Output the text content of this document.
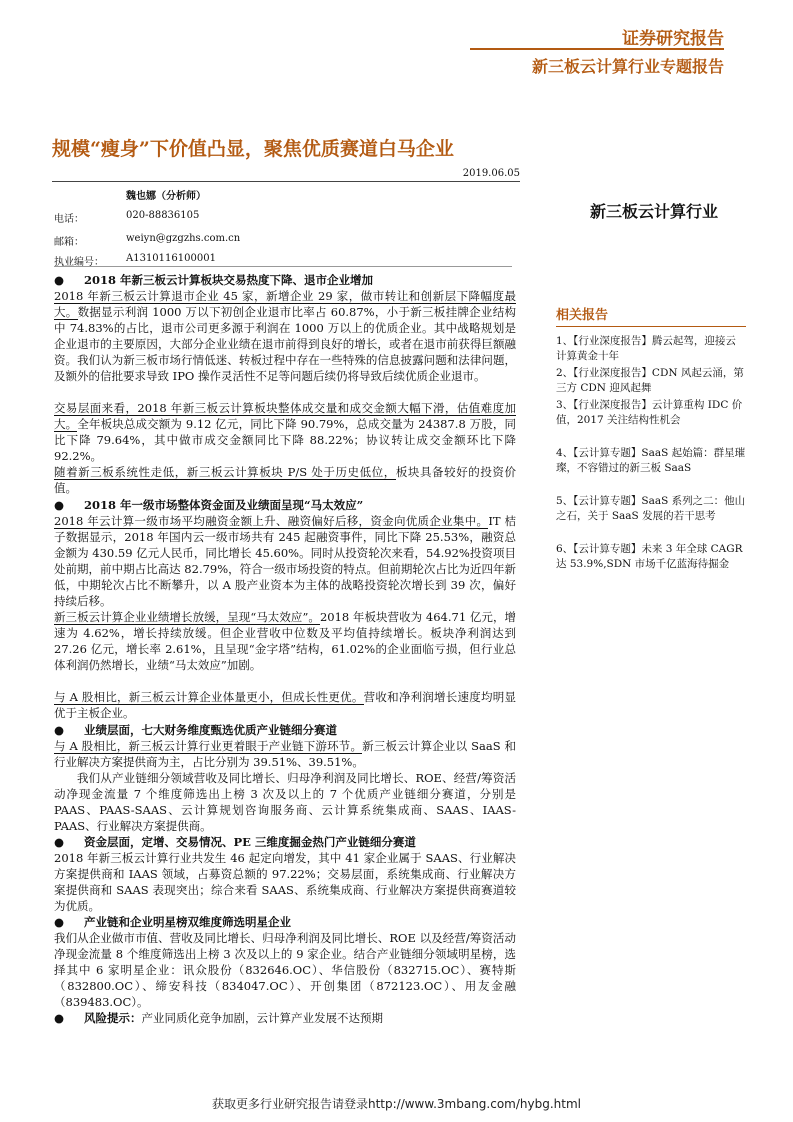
证券研究报告
新三板云计算行业专题报告
规模“瘦身”下价值凸显，聚焦优质赛道白马企业
2019.06.05
新三板云计算行业
魏也娜（分析师）
电话：	020-88836105
邮箱：	weiyn@gzgzhs.com.cn
执业编号： A1310116100001
● 2018 年新三板云计算板块交易热度下降、退市企业增加
2018 年新三板云计算退市企业 45 家，新增企业 29 家，做市转让和创新层下降幅度最大。数据显示利润 1000 万以下初创企业退市比率占 60.87%，小于新三板挂牌企业结构中 74.83%的占比，退市公司更多源于利润在 1000 万以上的优质企业。其中战略规划是企业退市的主要原因，大部分企业业绩在退市前得到良好的增长，或者在退市前获得巨额融资。我们认为新三板市场行情低迷、转板过程中存在一些特殊的信息披露问题和法律问题，及额外的信批要求导致 IPO 操作灵活性不足等问题后续仍将导致后续优质企业退市。
交易层面来看，2018 年新三板云计算板块整体成交量和成交金额大幅下滑，估值难度加大。全年板块总成交额为 9.12 亿元，同比下降 90.79%，总成交量为 24387.8 万股，同比下降 79.64%，其中做市成交金额同比下降 88.22%；协议转让成交金额环比下降 92.2%。
随着新三板系统性走低，新三板云计算板块 P/S 处于历史低位，板块具备较好的投资价值。
● 2018 年一级市场整体资金面及业绩面呈现“马太效应”
2018 年云计算一级市场平均融资金额上升、融资偏好后移，资金向优质企业集中。IT 桔子数据显示，2018 年国内云一级市场共有 245 起融资事件，同比下降 25.53%，融资总金额为 430.59 亿元人民币，同比增长 45.60%。同时从投资轮次来看，54.92%投资项目处前期，前中期占比高达 82.79%，符合一级市场投资的特点。但前期轮次占比为近四年新低，中期轮次占比不断攀升，以 A 股产业资本为主体的战略投资轮次增长到 39 次，偏好持续后移。
新三板云计算企业业绩增长放缓，呈现“马太效应”。2018 年板块营收为 464.71 亿元，增速为 4.62%，增长持续放缓。但企业营收中位数及平均值持续增长。板块净利润达到 27.26 亿元，增长率 2.61%，且呈现“金字塔”结构，61.02%的企业面临亏损，但行业总体利润仍然增长，业绩“马太效应”加剧。
与 A 股相比，新三板云计算企业体量更小，但成长性更优。营收和净利润增长速度均明显优于主板企业。
● 业绩层面，七大财务维度甄选优质产业链细分赛道
与 A 股相比，新三板云计算行业更着眼于产业链下游环节。新三板云计算企业以 SaaS 和行业解决方案提供商为主，占比分别为 39.51%、39.51%。
我们从产业链细分领域营收及同比增长、归母净利润及同比增长、ROE、经营/筹资活动净现金流量 7 个维度筛选出上榜 3 次及以上的 7 个优质产业链细分赛道，分别是 PAAS、PAAS-SAAS、云计算规划咨询服务商、云计算系统集成商、SAAS、IAAS-PAAS、行业解决方案提供商。
● 资金层面，定增、交易情况、PE 三维度掘金热门产业链细分赛道
2018 年新三板云计算行业共发生 46 起定向增发，其中 41 家企业属于 SAAS、行业解决方案提供商和 IAAS 领域，占募资总额的 97.22%；交易层面，系统集成商、行业解决方案提供商和 SAAS 表现突出；综合来看 SAAS、系统集成商、行业解决方案提供商赛道较为优质。
● 产业链和企业明星榜双维度筛选明星企业
我们从企业做市市值、营收及同比增长、归母净利润及同比增长、ROE 以及经营/筹资活动净现金流量 8 个维度筛选出上榜 3 次及以上的 9 家企业。结合产业链细分领域明星榜，选择其中 6 家明星企业：讯众股份（832646.OC）、华信股份（832715.OC）、赛特斯（832800.OC）、缔安科技（834047.OC）、开创集团（872123.OC）、用友金融（839483.OC）。
● 风险提示：产业同质化竞争加剧，云计算产业发展不达预期
相关报告
1、【行业深度报告】腾云起驾，迎接云计算黄金十年
2、【行业深度报告】CDN 风起云涌，第三方 CDN 迎风起舞
3、【行业深度报告】云计算重构 IDC 价值，2017 关注结构性机会
4、【云计算专题】SaaS 起始篇：群星璀璨，不容错过的新三板 SaaS
5、【云计算专题】SaaS 系列之二：他山之石，关于 SaaS 发展的若干思考
6、【云计算专题】未来 3 年全球 CAGR 达 53.9%,SDN 市场千亿蓝海待掘金
获取更多行业研究报告请登录http://www.3mbang.com/hybg.html
